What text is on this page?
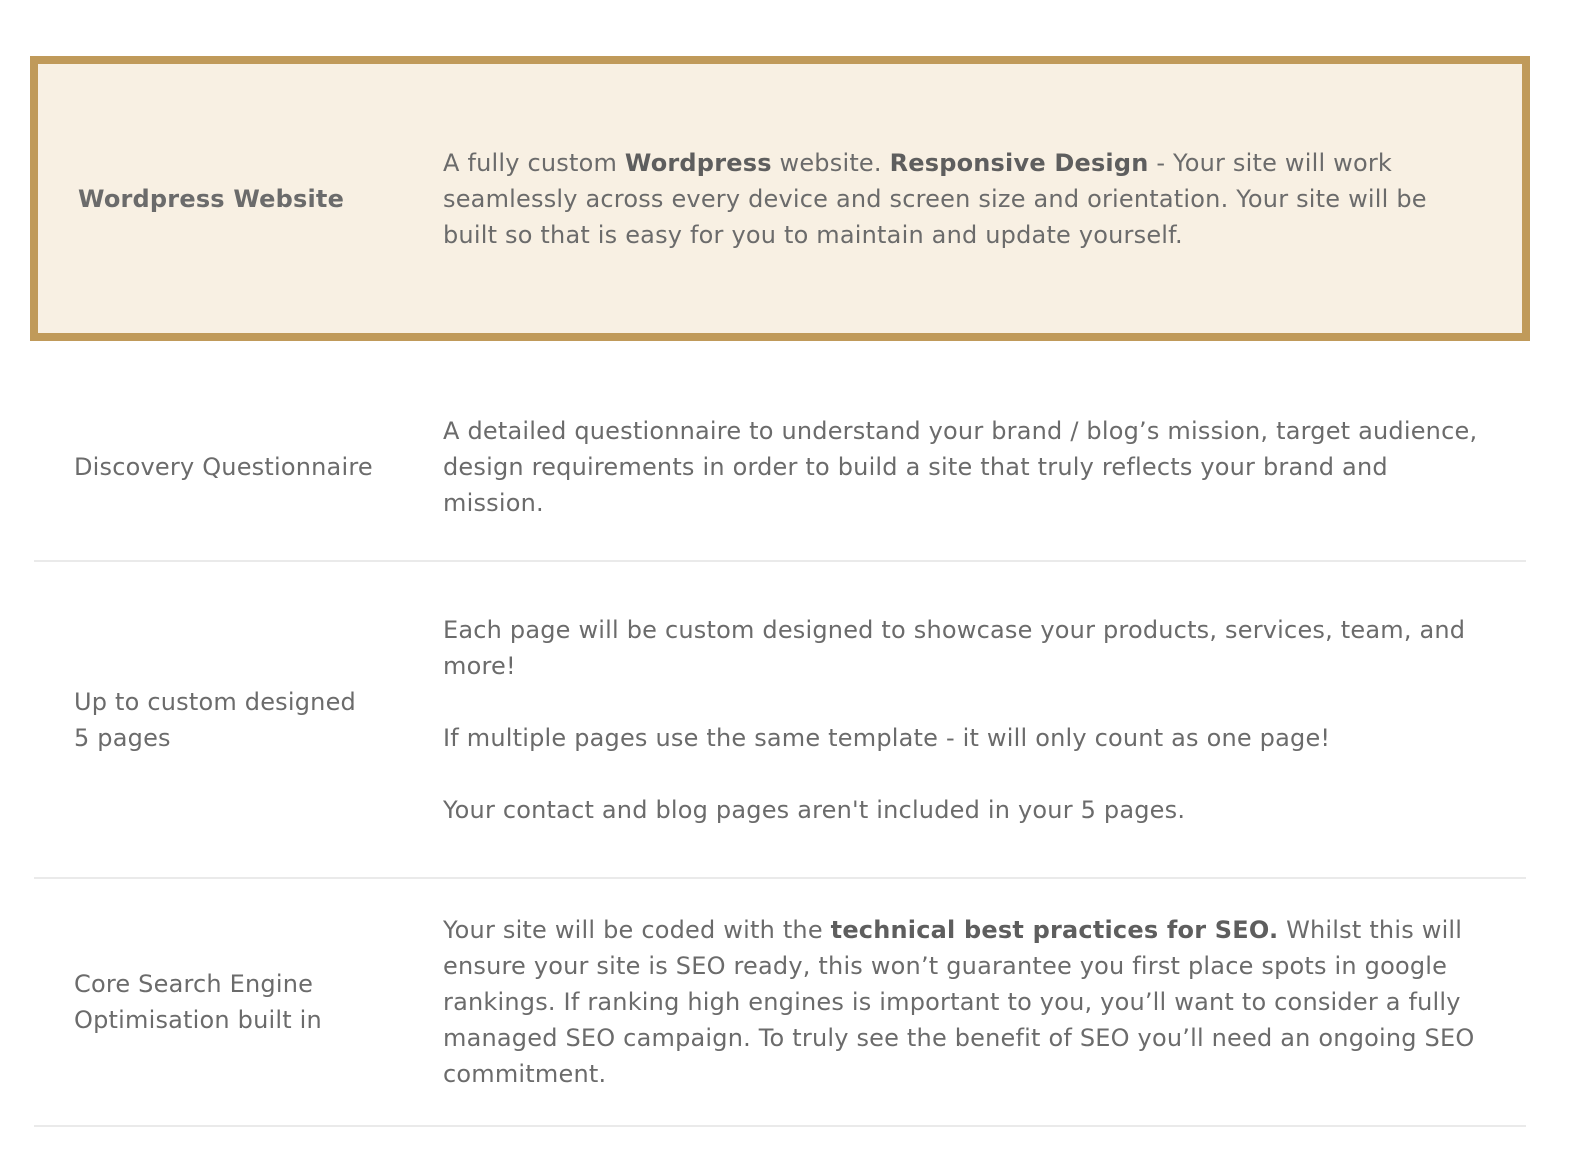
Wordpress Website
A fully custom Wordpress website. Responsive Design - Your site will work seamlessly across every device and screen size and orientation. Your site will be built so that is easy for you to maintain and update yourself.
Discovery Questionnaire
A detailed questionnaire to understand your brand / blog’s mission, target audience, design requirements in order to build a site that truly reflects your brand and mission.
Up to custom designed 5 pages

Each page will be custom designed to showcase your products, services, team, and more!

If multiple pages use the same template - it will only count as one page!

Your contact and blog pages aren't included in your 5 pages.

Core Search Engine Optimisation built in
Your site will be coded with the technical best practices for SEO. Whilst this will ensure your site is SEO ready, this won’t guarantee you first place spots in google rankings. If ranking high engines is important to you, you’ll want to consider a fully managed SEO campaign. To truly see the benefit of SEO you’ll need an ongoing SEO commitment.
